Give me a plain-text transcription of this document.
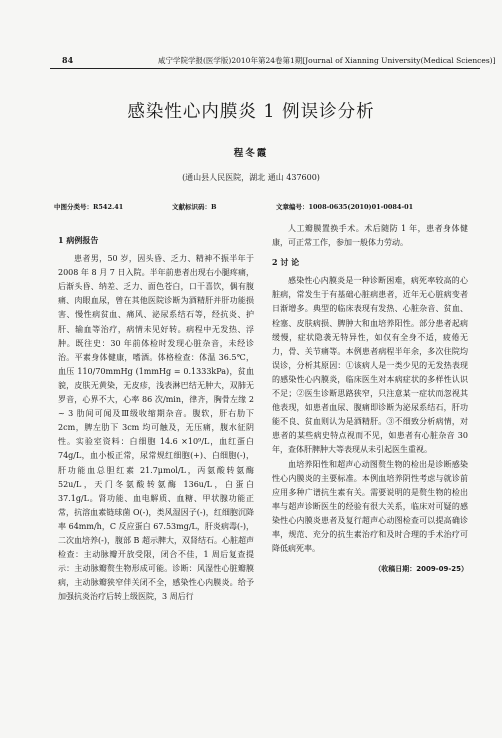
84	咸宁学院学报(医学版)2010年第24卷第1期[Journal of Xianning University(Medical Sciences)]
感染性心内膜炎 1 例误诊分析
程冬霞
(通山县人民医院，湖北 通山 437600)
中图分类号：R542.41	文献标识码：B	文章编号：1008-0635(2010)01-0084-01
1 病例报告

患者男，50 岁，因头昏、乏力、精神不振半年于 2008 年 8 月 7 日入院。半年前患者出现右小腿疼痛，后渐头昏、纳差、乏力、面色苍白，口干喜饮，偶有腹痛、肉眼血尿，曾在其他医院诊断为酒精肝并肝功能损害、慢性病贫血、痛风、泌尿系结石等，经抗炎、护肝、输血等治疗，病情未见好转。病程中无发热、浮肿。既往史：30 年前体检时发现心脏杂音，未经诊治。平素身体健康，嗜酒。体格检查：体温 36.5℃，血压 110/70mmHg (1mmHg = 0.1333kPa)，贫血貌，皮肤无黄染，无皮疹，浅表淋巴结无肿大，双肺无罗音，心界不大，心率 86 次/min，律齐，胸骨左缘 2 ~ 3 肋间可闻及Ⅲ级收缩期杂音。腹软，肝右肋下 2cm，脾左肋下 3cm 均可触及，无压痛，腹水征阴性。实验室资料：白细胞 14.6 ×10⁹/L，血红蛋白 74g/L，血小板正常，尿常规红细胞(+)、白细胞(-)，肝功能血总胆红素 21.7μmol/L，丙氨酸转氨酶 52u/L，天门冬氨酸转氨酶 136u/L，白蛋白 37.1g/L。肾功能、血电解质、血糖、甲状腺功能正常，抗溶血素链球菌 O(-)，类风湿因子(-)，红细胞沉降率 64mm/h，C 反应蛋白 67.53mg/L，肝炎病毒(-)，二次血培养(-)，腹部 B 超示脾大，双肾结石。心脏超声检查：主动脉瓣开放受限，闭合不佳，1 周后复查提示：主动脉瓣赘生物形成可能。诊断：风湿性心脏瓣膜病，主动脉瓣狭窄伴关闭不全，感染性心内膜炎。给予加强抗炎治疗后转上级医院，3 周后行

人工瓣膜置换手术。术后随防 1 年，患者身体健康，可正常工作，参加一般体力劳动。

2 讨 论

感染性心内膜炎是一种诊断困难，病死率较高的心脏病，常发生于有基础心脏病患者，近年无心脏病变者日渐增多。典型的临床表现有发热、心脏杂音、贫血、栓塞、皮肤病损、脾肿大和血培养阳性。部分患者起病缓慢，症状隐袭无特异性，如仅有全身不适，疲倦无力，骨、关节痛等。本例患者病程半年余，多次住院均误诊，分析其原因：①该病人是一类少见的无发热表现的感染性心内膜炎，临床医生对本病症状的多样性认识不足；②医生诊断思路狭窄，只注意某一症状而忽视其他表现，如患者血尿、腹痛即诊断为泌尿系结石，肝功能不良、贫血则认为是酒精肝。③不细致分析病情，对患者的某些病史特点视而不见，如患者有心脏杂音 30 年，查体肝脾肿大等表现从未引起医生重视。

血培养阳性和超声心动图赘生物的检出是诊断感染性心内膜炎的主要标准。本例血培养阴性考虑与就诊前应用多种广谱抗生素有关。需要说明的是赘生物的检出率与超声诊断医生的经验有很大关系，临床对可疑的感染性心内膜炎患者及复行超声心动图检查可以提高确诊率，规范、充分的抗生素治疗和及时合理的手术治疗可降低病死率。

（收稿日期：2009-09-25）
